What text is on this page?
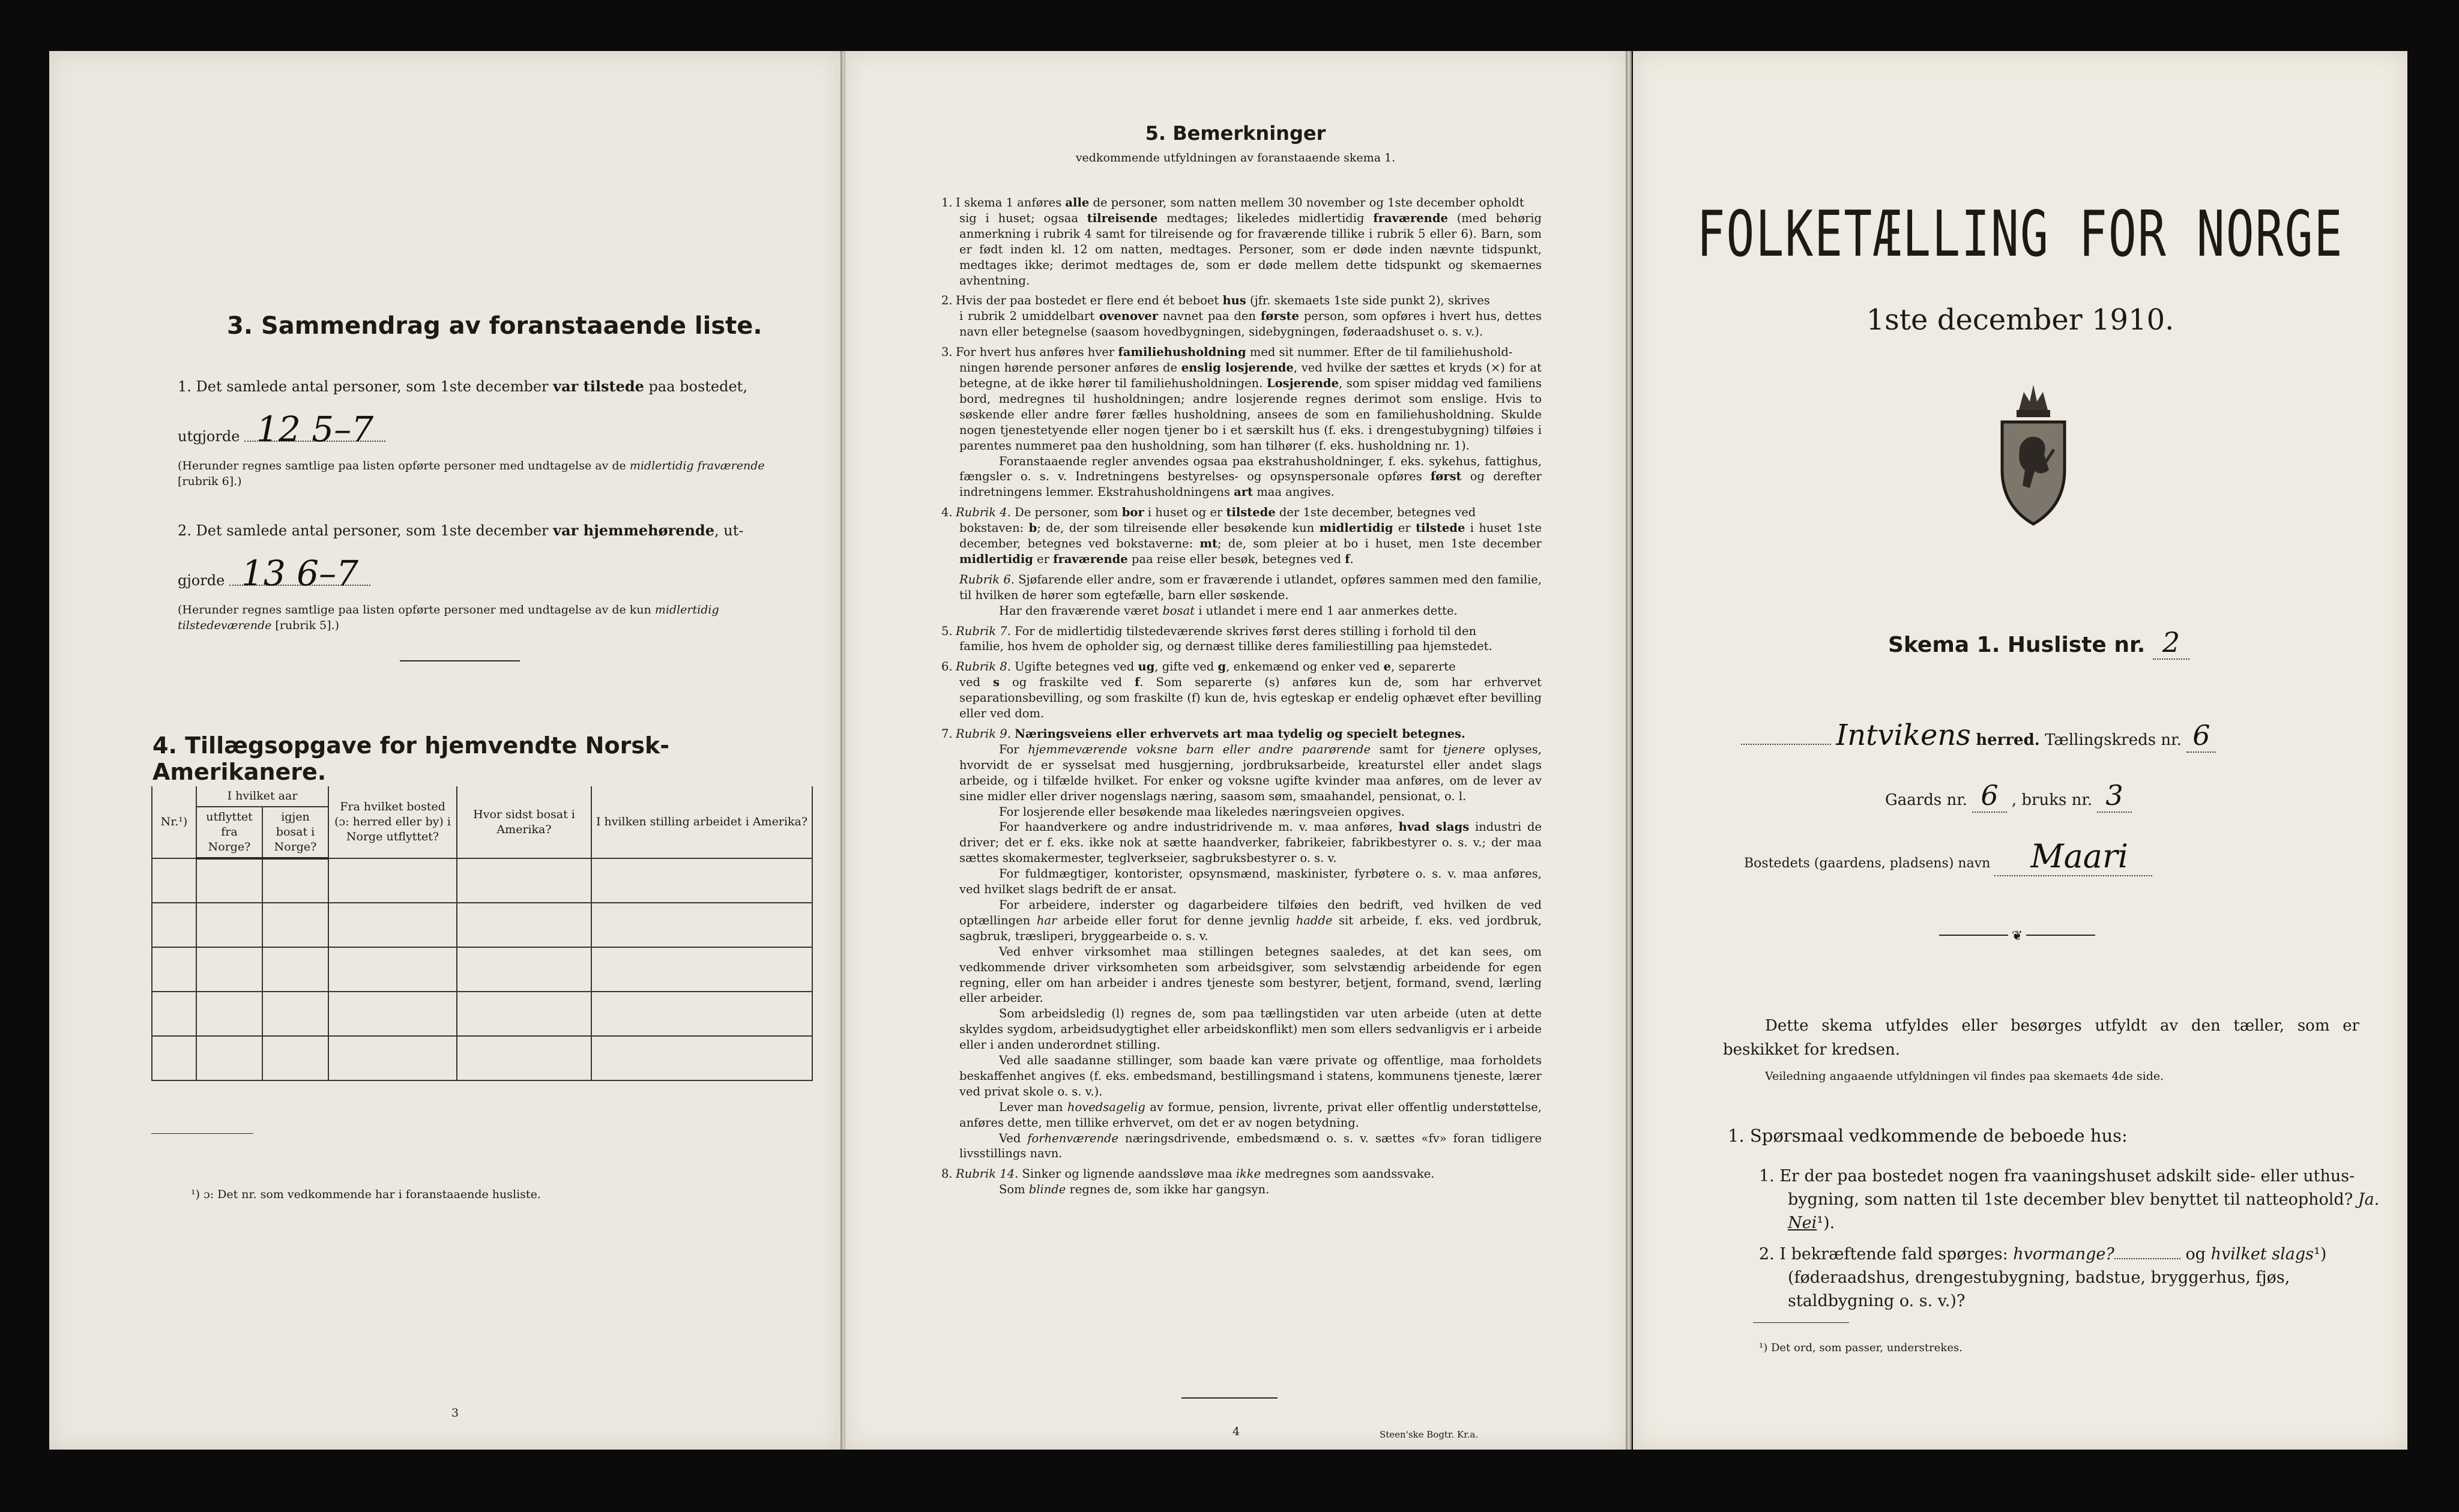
3. Sammendrag av foranstaaende liste.
1. Det samlede antal personer, som 1ste december var tilstede paa bostedet,
utgjorde 12 5–7
(Herunder regnes samtlige paa listen opførte personer med undtagelse av de midlertidig fraværende [rubrik 6].)
2. Det samlede antal personer, som 1ste december var hjemmehørende, ut-
gjorde 13 6–7
(Herunder regnes samtlige paa listen opførte personer med undtagelse av de kun midlertidig tilstedeværende [rubrik 5].)
4. Tillægsopgave for hjemvendte Norsk-Amerikanere.
Nr.¹)	I hvilket aar		Fra hvilket bosted (ɔ: herred eller by) i Norge utflyttet?	Hvor sidst bosat i Amerika?	I hvilken stilling arbeidet i Amerika?
	utflyttet fra Norge?	igjen bosat i Norge?			

¹) ɔ: Det nr. som vedkommende har i foranstaaende husliste.
3
5. Bemerkninger
vedkommende utfyldningen av foranstaaende skema 1.

1. I skema 1 anføres alle de personer, som natten mellem 30 november og 1ste december opholdt

sig i huset; ogsaa tilreisende medtages; likeledes midlertidig fraværende (med behørig anmerkning i rubrik 4 samt for tilreisende og for fraværende tillike i rubrik 5 eller 6). Barn, som er født inden kl. 12 om natten, medtages. Personer, som er døde inden nævnte tidspunkt, medtages ikke; derimot medtages de, som er døde mellem dette tidspunkt og skemaernes avhentning.

2. Hvis der paa bostedet er flere end ét beboet hus (jfr. skemaets 1ste side punkt 2), skrives

i rubrik 2 umiddelbart ovenover navnet paa den første person, som opføres i hvert hus, dettes navn eller betegnelse (saasom hovedbygningen, sidebygningen, føderaadshuset o. s. v.).

3. For hvert hus anføres hver familiehusholdning med sit nummer. Efter de til familiehushold-

ningen hørende personer anføres de enslig losjerende, ved hvilke der sættes et kryds (×) for at betegne, at de ikke hører til familiehusholdningen. Losjerende, som spiser middag ved familiens bord, medregnes til husholdningen; andre losjerende regnes derimot som enslige. Hvis to søskende eller andre fører fælles husholdning, ansees de som en familiehusholdning. Skulde nogen tjenestetyende eller nogen tjener bo i et særskilt hus (f. eks. i drengestubygning) tilføies i parentes nummeret paa den husholdning, som han tilhører (f. eks. husholdning nr. 1).

Foranstaaende regler anvendes ogsaa paa ekstrahusholdninger, f. eks. sykehus, fattighus, fængsler o. s. v. Indretningens bestyrelses- og opsynspersonale opføres først og derefter indretningens lemmer. Ekstrahusholdningens art maa angives.

4. Rubrik 4. De personer, som bor i huset og er tilstede der 1ste december, betegnes ved

bokstaven: b; de, der som tilreisende eller besøkende kun midlertidig er tilstede i huset 1ste december, betegnes ved bokstaverne: mt; de, som pleier at bo i huset, men 1ste december midlertidig er fraværende paa reise eller besøk, betegnes ved f.

Rubrik 6. Sjøfarende eller andre, som er fraværende i utlandet, opføres sammen med den familie, til hvilken de hører som egtefælle, barn eller søskende.

Har den fraværende været bosat i utlandet i mere end 1 aar anmerkes dette.

5. Rubrik 7. For de midlertidig tilstedeværende skrives først deres stilling i forhold til den

familie, hos hvem de opholder sig, og dernæst tillike deres familiestilling paa hjemstedet.

6. Rubrik 8. Ugifte betegnes ved ug, gifte ved g, enkemænd og enker ved e, separerte

ved s og fraskilte ved f. Som separerte (s) anføres kun de, som har erhvervet separationsbevilling, og som fraskilte (f) kun de, hvis egteskap er endelig ophævet efter bevilling eller ved dom.

7. Rubrik 9. Næringsveiens eller erhvervets art maa tydelig og specielt betegnes.

For hjemmeværende voksne barn eller andre paarørende samt for tjenere oplyses, hvorvidt de er sysselsat med husgjerning, jordbruksarbeide, kreaturstel eller andet slags arbeide, og i tilfælde hvilket. For enker og voksne ugifte kvinder maa anføres, om de lever av sine midler eller driver nogenslags næring, saasom søm, smaahandel, pensionat, o. l.

For losjerende eller besøkende maa likeledes næringsveien opgives.

For haandverkere og andre industridrivende m. v. maa anføres, hvad slags industri de driver; det er f. eks. ikke nok at sætte haandverker, fabrikeier, fabrikbestyrer o. s. v.; der maa sættes skomakermester, teglverkseier, sagbruksbestyrer o. s. v.

For fuldmægtiger, kontorister, opsynsmænd, maskinister, fyrbøtere o. s. v. maa anføres, ved hvilket slags bedrift de er ansat.

For arbeidere, inderster og dagarbeidere tilføies den bedrift, ved hvilken de ved optællingen har arbeide eller forut for denne jevnlig hadde sit arbeide, f. eks. ved jordbruk, sagbruk, træsliperi, bryggearbeide o. s. v.

Ved enhver virksomhet maa stillingen betegnes saaledes, at det kan sees, om vedkommende driver virksomheten som arbeidsgiver, som selvstændig arbeidende for egen regning, eller om han arbeider i andres tjeneste som bestyrer, betjent, formand, svend, lærling eller arbeider.

Som arbeidsledig (l) regnes de, som paa tællingstiden var uten arbeide (uten at dette skyldes sygdom, arbeidsudygtighet eller arbeidskonflikt) men som ellers sedvanligvis er i arbeide eller i anden underordnet stilling.

Ved alle saadanne stillinger, som baade kan være private og offentlige, maa forholdets beskaffenhet angives (f. eks. embedsmand, bestillingsmand i statens, kommunens tjeneste, lærer ved privat skole o. s. v.).

Lever man hovedsagelig av formue, pension, livrente, privat eller offentlig understøttelse, anføres dette, men tillike erhvervet, om det er av nogen betydning.

Ved forhenværende næringsdrivende, embedsmænd o. s. v. sættes «fv» foran tidligere livsstillings navn.

8. Rubrik 14. Sinker og lignende aandssløve maa ikke medregnes som aandssvake.

Som blinde regnes de, som ikke har gangsyn.

4	Steen'ske Bogtr. Kr.a.
FOLKETÆLLING FOR NORGE
1ste december 1910.
Skema 1. Husliste nr. 2
Intvikens herred. Tællingskreds nr. 6
Gaards nr. 6 , bruks nr. 3
Bostedets (gaardens, pladsens) navn Maari
❦
Dette skema utfyldes eller besørges utfyldt av den tæller, som er beskikket for kredsen.
Veiledning angaaende utfyldningen vil findes paa skemaets 4de side.
1. Spørsmaal vedkommende de beboede hus:
1. Er der paa bostedet nogen fra vaaningshuset adskilt side- eller uthus-bygning, som natten til 1ste december blev benyttet til natteophold? Ja. Nei¹).
2. I bekræftende fald spørges: hvormange?	og hvilket slags¹) (føderaadshus, drengestubygning, badstue, bryggerhus, fjøs, staldbygning o. s. v.)?
¹) Det ord, som passer, understrekes.
